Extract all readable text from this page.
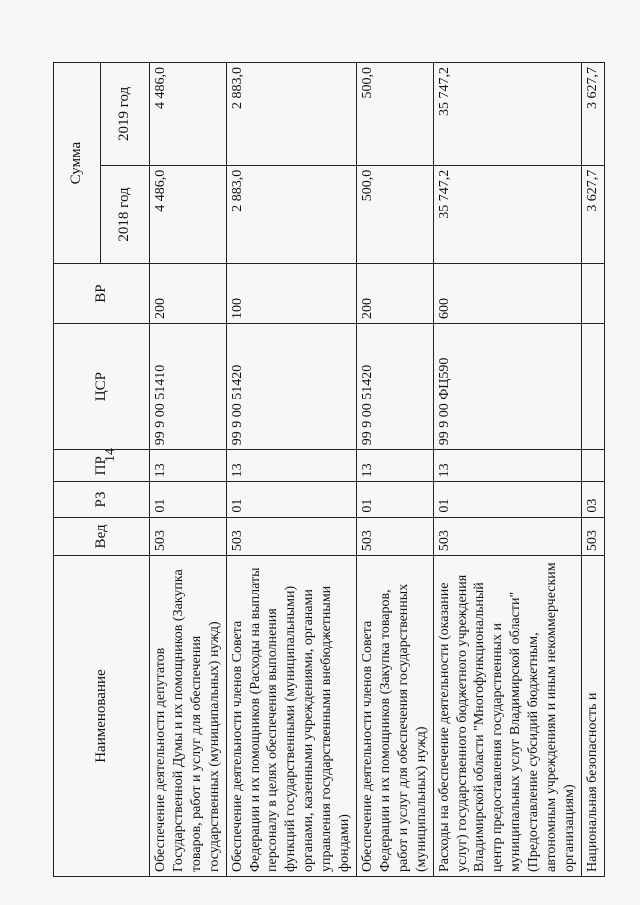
14
Наименование	Вед	РЗ	ПР	ЦСР	ВР	Сумма	
						2018 год	2019 год
Обеспечение деятельности депутатов Государственной Думы и их помощников (Закупка товаров, работ и услуг для обеспечения государственных (муниципальных) нужд)	503	01	13	99 9 00 51410	200	4 486,0	4 486,0
Обеспечение деятельности членов Совета Федерации и их помощников (Расходы на выплаты персоналу в целях обеспечения выполнения функций государственными (муниципальными) органами, казенными учреждениями, органами управления государственными внебюджетными фондами)	503	01	13	99 9 00 51420	100	2 883,0	2 883,0
Обеспечение деятельности членов Совета Федерации и их помощников (Закупка товаров, работ и услуг для обеспечения государственных (муниципальных) нужд)	503	01	13	99 9 00 51420	200	500,0	500,0
Расходы на обеспечение деятельности (оказание услуг) государственного бюджетного учреждения Владимирской области "Многофункциональный центр предоставления государственных и муниципальных услуг Владимирской области" (Предоставление субсидий бюджетным, автономным учреждениям и иным некоммерческим организациям)	503	01	13	99 9 00 ФЦ590	600	35 747,2	35 747,2
Национальная безопасность и	503	03				3 627,7	3 627,7
